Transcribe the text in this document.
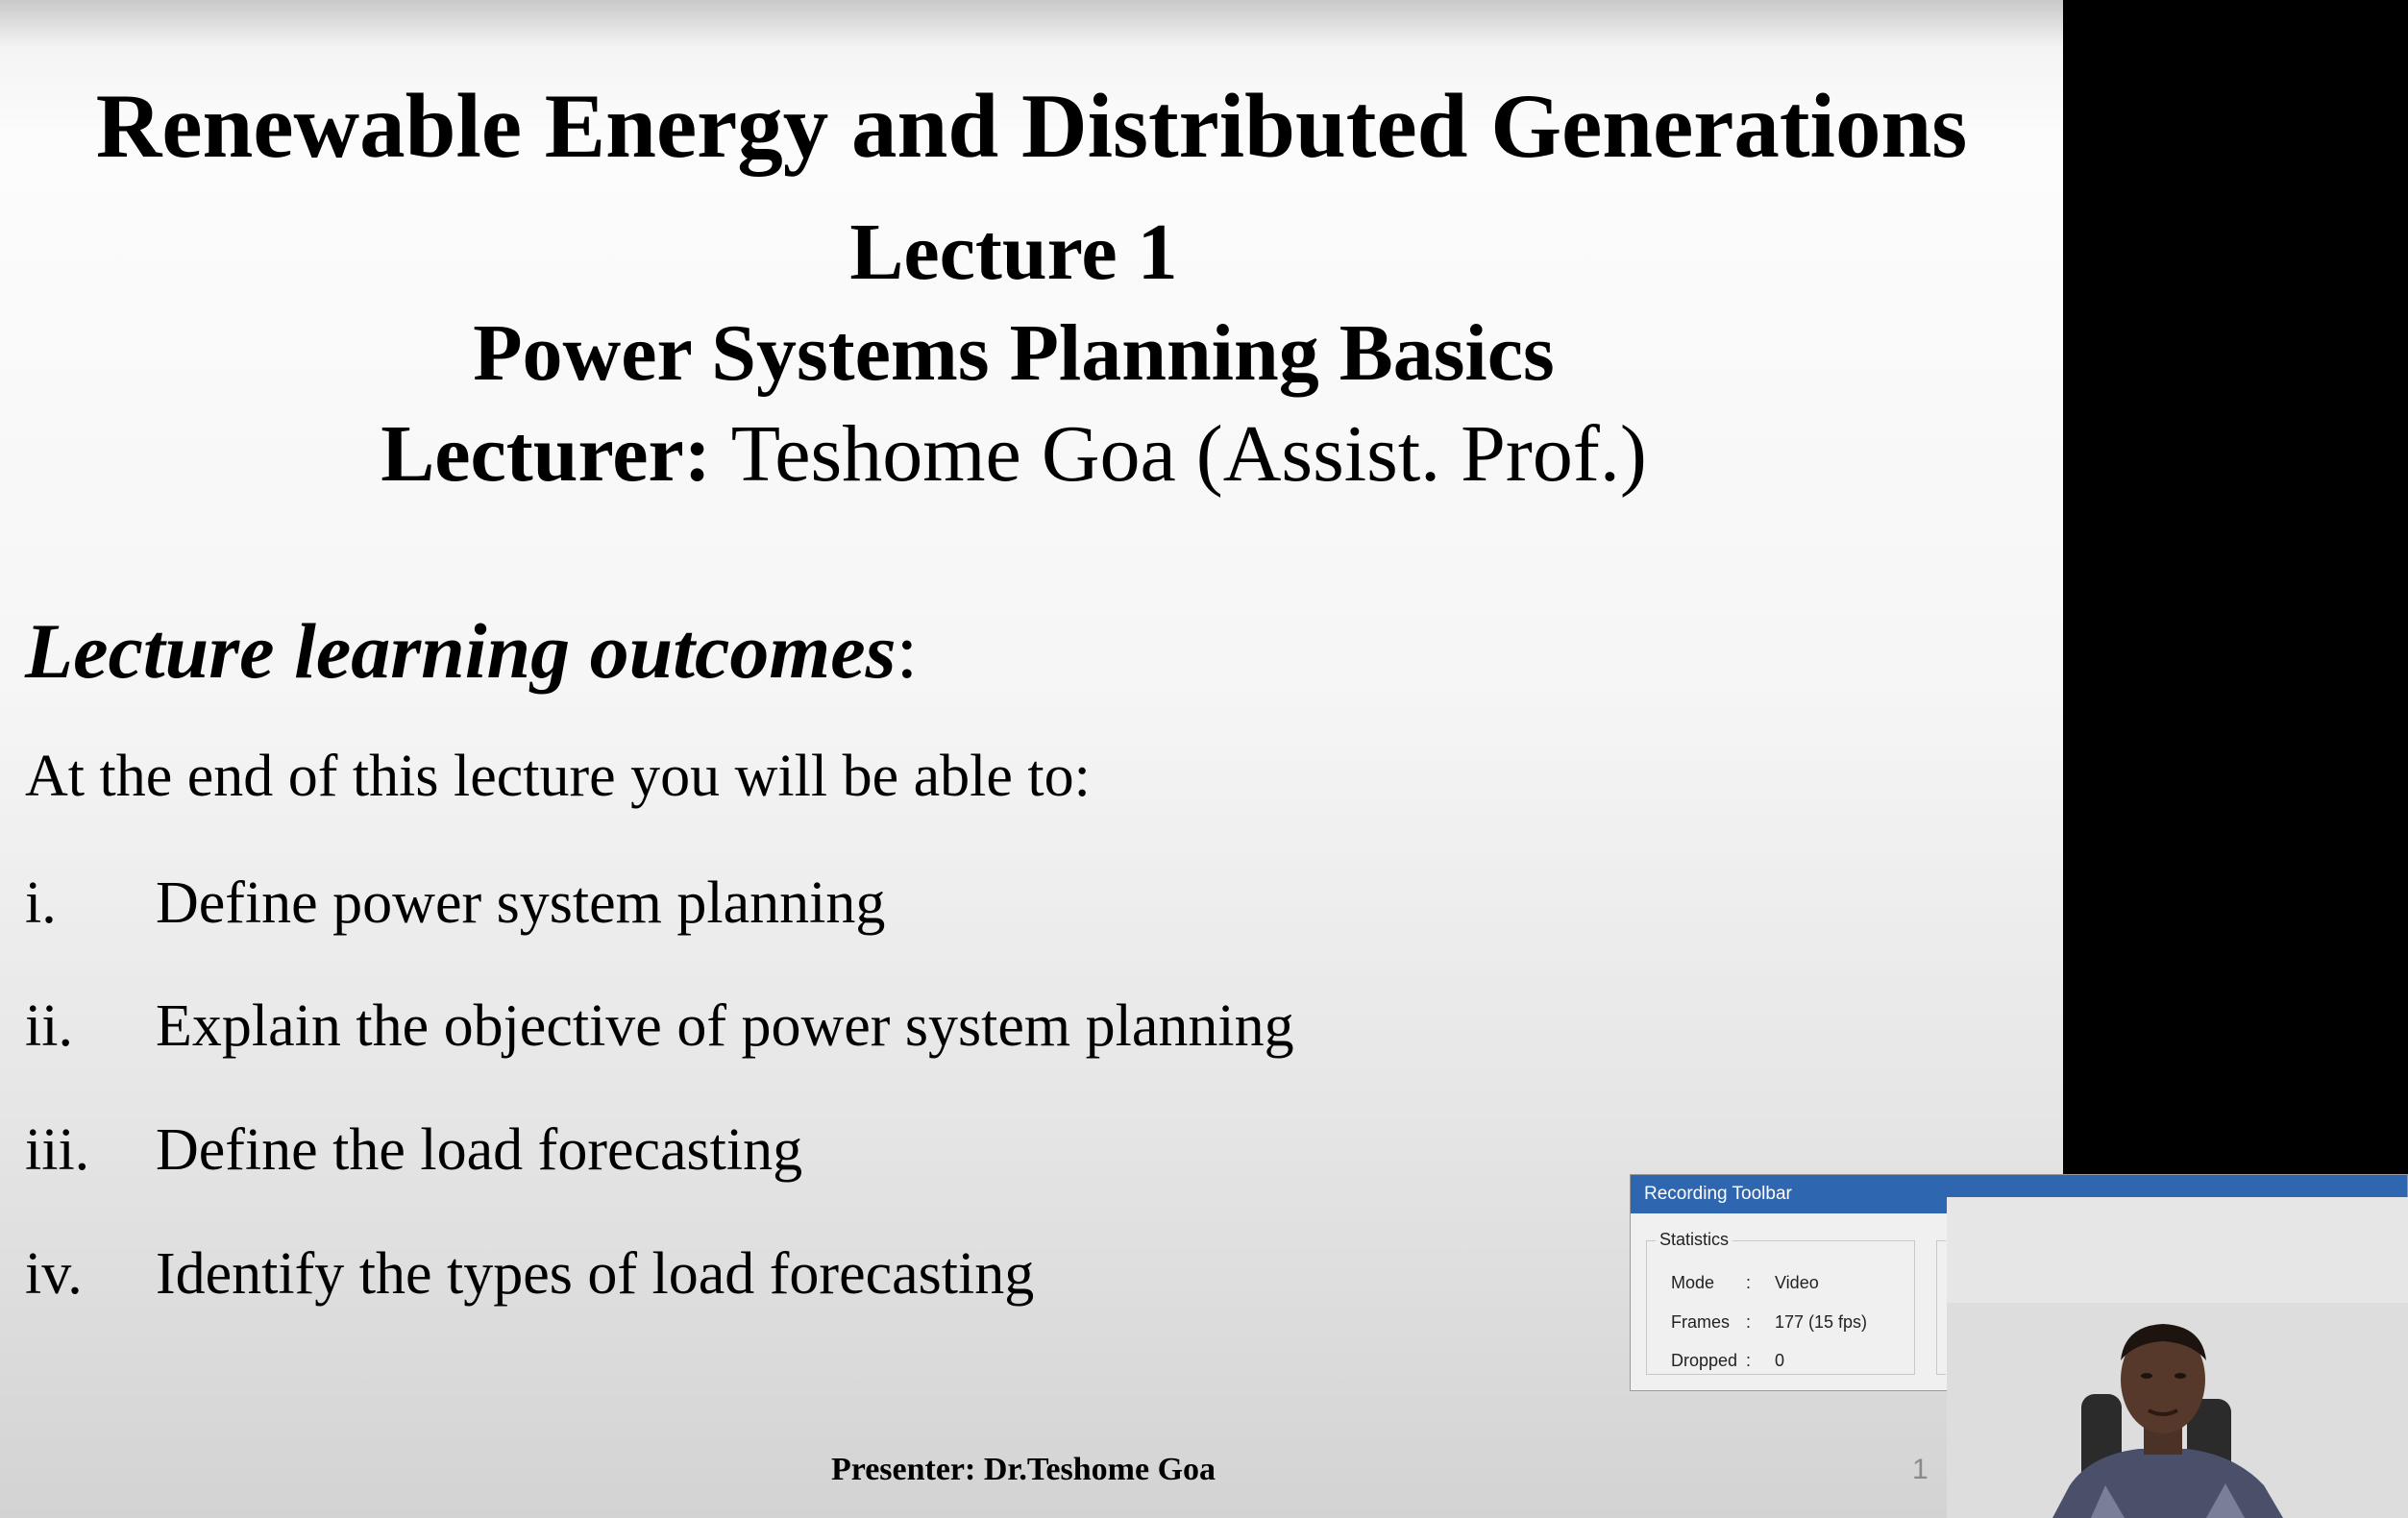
Renewable Energy and Distributed Generations
Lecture 1
Power Systems Planning Basics
Lecturer: Teshome Goa (Assist. Prof.)
Lecture learning outcomes:
At the end of this lecture you will be able to:
i. Define power system planning
ii. Explain the objective of power system planning
iii. Define the load forecasting
iv. Identify the types of load forecasting
Presenter: Dr.Teshome Goa	1
Recording Toolbar
Statistics
Mode	: Video
Frames : 177 (15 fps)
Dropped : 0
